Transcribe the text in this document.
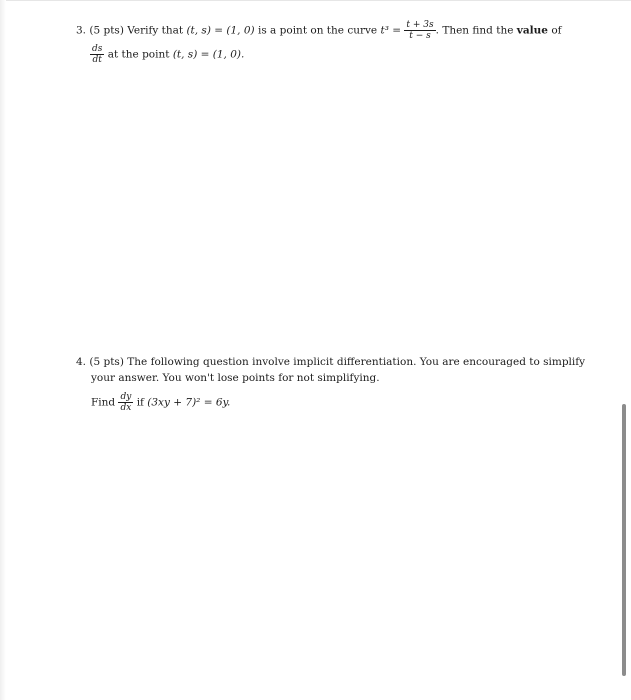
3. (5 pts) Verify that (t, s) = (1, 0) is a point on the curve $t^3 = \frac{t + 3s}{t - s}$ . Then find the value of
$\frac{ds}{dt}$ at the point (t, s) = (1, 0).
4. (5 pts) The following question involve implicit differentiation. You are encouraged to simplify
your answer. You won't lose points for not simplifying.
Find $\frac{dy}{dx}$ if (3xy + 7)² = 6y.
